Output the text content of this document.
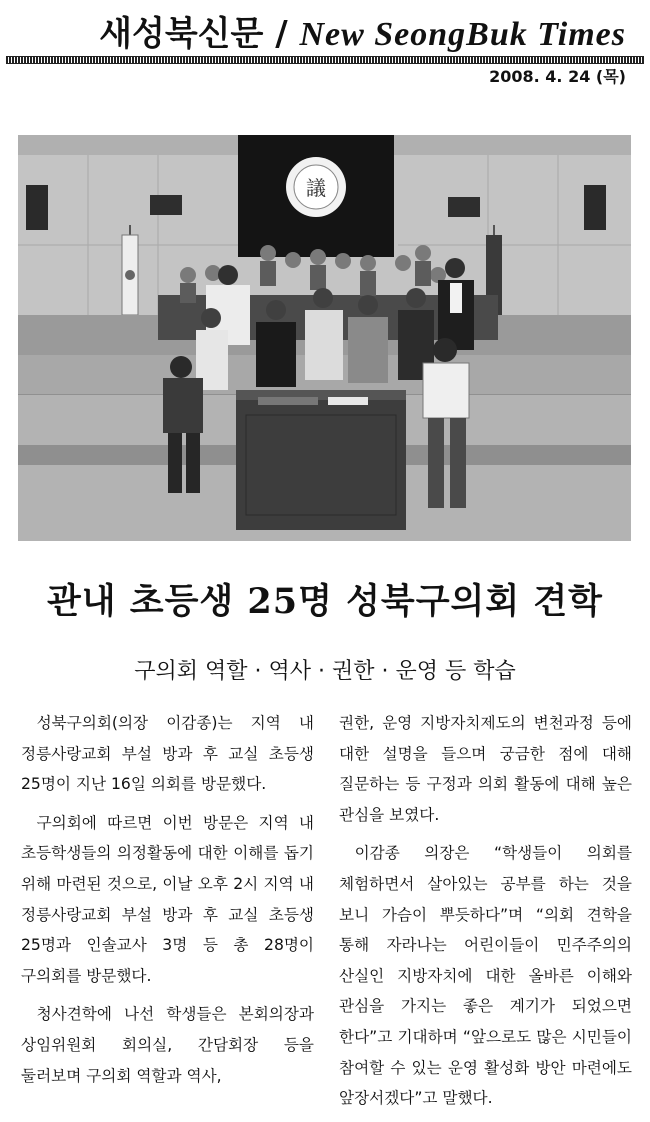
새성북신문 / New SeongBuk Times
2008. 4. 24 (목)
議
관내 초등생 25명 성북구의회 견학
구의회 역할 · 역사 · 권한 · 운영 등 학습

성북구의회(의장 이감종)는 지역 내 정릉사랑교회 부설 방과 후 교실 초등생 25명이 지난 16일 의회를 방문했다.

구의회에 따르면 이번 방문은 지역 내 초등학생들의 의정활동에 대한 이해를 돕기 위해 마련된 것으로, 이날 오후 2시 지역 내 정릉사랑교회 부설 방과 후 교실 초등생 25명과 인솔교사 3명 등 총 28명이 구의회를 방문했다.

청사견학에 나선 학생들은 본회의장과 상임위원회 회의실, 간담회장 등을 둘러보며 구의회 역할과 역사,

권한, 운영 지방자치제도의 변천과정 등에 대한 설명을 들으며 궁금한 점에 대해 질문하는 등 구정과 의회 활동에 대해 높은 관심을 보였다.

이감종 의장은 “학생들이 의회를 체험하면서 살아있는 공부를 하는 것을 보니 가슴이 뿌듯하다”며 “의회 견학을 통해 자라나는 어린이들이 민주주의의 산실인 지방자치에 대한 올바른 이해와 관심을 가지는 좋은 계기가 되었으면 한다”고 기대하며 “앞으로도 많은 시민들이 참여할 수 있는 운영 활성화 방안 마련에도 앞장서겠다”고 말했다.
